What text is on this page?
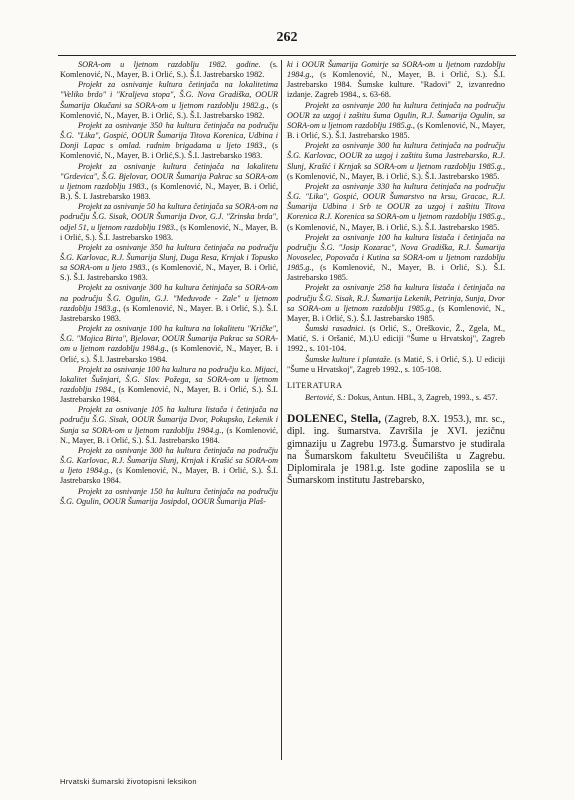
262

SORA-om u ljetnom razdoblju 1982. godine. (s. Komlenović, N., Mayer, B. i Orlić, S.). Š.I. Jastrebarsko 1982.

Projekt za osnivanje kultura četinjača na lokalitetima "Veliko brdo" i "Kraljeva stopa", Š.G. Nova Gradiška, OOUR Šumarija Okučani sa SORA-om u ljetnom razdoblju 1982.g., (s Komlenović, N., Mayer, B. i Orlić, S.). Š.I. Jastrebarsko 1982.

Projekt za osnivanje 350 ha kultura četinjača na području Š.G. "Lika", Gospić, OOUR Šumarija Titova Korenica, Udbina i Donji Lapac s omlad. radnim brigadama u ljeto 1983., (s Komlenović, N., Mayer, B. i Orlić,S.). Š.I. Jastrebarsko 1983.

Projekt za osnivanje kultura četinjača na lokalitetu "Grdevica", Š.G. Bjelovar, OOUR Šumarija Pakrac sa SORA-om u ljetnom razdoblju 1983., (s Komlenović, N., Mayer, B. i Orlić, B.). Š. I. Jastrebarsko 1983.

Projekt za osnivanje 50 ha kultura četinjača sa SORA-om na području Š.G. Sisak, OOUR Šumarija Dvor, G.J. "Zrinska brda", odjel 51, u ljetnom razdoblju 1983., (s Komlenović, N., Mayer, B. i Orlić, S.). Š.I. Jastrebarsko 1983.

Projekt za osnivanje 350 ha kultura četinjača na području Š.G. Karlovac, R.J. Šumarija Slunj, Duga Resa, Krnjak i Topusko sa SORA-om u ljeto 1983., (s Komlenović, N., Mayer, B. i Orlić, S.). Š.I. Jastrebarsko 1983.

Projekt za osnivanje 300 ha kultura četinjača sa SORA-om na području Š.G. Ogulin, G.J. "Međuvođe - Zale" u ljetnom razdoblju 1983.g., (s Komlenović, N., Mayer. B. i Orlić, S.). Š.I. Jastrebarsko 1983.

Projekt za osnivanje 100 ha kultura na lokalitetu "Kričke", Š.G. "Mojica Birta", Bjelovar, OOUR Šumarija Pakrac sa SORA-om u ljetnom razdoblju 1984.g., (s Komlenović, N., Mayer, B. i Orlić, s.). Š.I. Jastrebarsko 1984.

Projekt za osnivanje 100 ha kultura na području k.o. Mijaci, lokalitet Šušnjari, Š.G. Slav. Požega, sa SORA-om u ljetnom razdoblju 1984., (s Komlenović, N., Mayer, B. i Orlić, S.). Š.I. Jastrebarsko 1984.

Projekt za osnivanje 105 ha kultura listača i četinjača na području Š.G. Sisak, OOUR Šumarija Dvor, Pokupsko, Lekenik i Sunja sa SORA-om u ljetnom razdoblju 1984.g., (s Komlenović, N., Mayer, B. i Orlić, S.). Š.I. Jastrebarsko 1984.

Projekt za osnivanje 300 ha kultura četinjača na području Š.G. Karlovac, R.J. Šumarija Slunj, Krnjak i Krašić sa SORA-om u ljeto 1984.g., (s Komlenović, N., Mayer, B. i Orlić, S.). Š.I. Jastrebarsko 1984.

Projekt za osnivanje 150 ha kultura četinjača na području Š.G. Ogulin, OOUR Šumarija Josipdol, OOUR Šumarija Plaš-

ki i OOUR Šumarija Gomirje sa SORA-om u ljetnom razdoblju 1984.g., (s Komlenović, N., Mayer, B. i Orlić, S.). Š.I. Jastrebarsko 1984. Šumske kulture. "Radovi" 2, izvanredno izdanje. Zagreb 1984., s. 63-68.

Projekt za osnivanje 200 ha kultura četinjača na području OOUR za uzgoj i zaštitu šuma Ogulin, R.J. Šumarija Ogulin, sa SORA-om u ljetnom razdoblju 1985.g., (s Komlenović, N., Mayer, B. i Orlić, S.). Š.I. Jastrebarsko 1985.

Projekt za osnivanje 300 ha kultura četinjača na području Š.G. Karlovac, OOUR za uzgoj i zaštitu šuma Jastrebarsko, R.J. Slunj, Krašić i Krnjak sa SORA-om u ljetnom razdoblju 1985.g., (s Komlenović, N., Mayer, B. i Orlić, S.). Š.I. Jastrebarsko 1985.

Projekt za osnivanje 330 ha kultura četinjača na području Š.G. "Lika", Gospić, OOUR Šumarstvo na krsu, Gracac, R.J. Šumarija Udbina i Srb te OOUR za uzgoj i zaštitu Titova Korenica R.J. Korenica sa SORA-om u ljetnom razdoblju 1985.g., (s Komlenović, N., Mayer, B. i Orlić, S.). Š.I. Jastrebarsko 1985.

Projekt za osnivanje 100 ha kultura listača i četinjača na području Š.G. "Josip Kozarac", Nova Gradiška, R.J. Šumarija Novoselec, Popovača i Kutina sa SORA-om u ljetnom razdoblju 1985.g., (s Komlenović, N., Mayer, B. i Orlić, S.). Š.I. Jastrebarsko 1985.

Projekt za osnivanje 258 ha kultura listača i četinjača na području Š.G. Sisak, R.J. Šumarija Lekenik, Petrinja, Sunja, Dvor sa SORA-om u ljetnom razdoblju 1985.g., (s Komlenović, N., Mayer, B. i Orlić, S.). Š.I. Jastrebarsko 1985.

Šumski rasadnici. (s Orlić, S., Oreškovic, Ž., Zgela, M., Matić, S. i Oršanić, M.).U ediciji "Šume u Hrvatskoj", Zagreb 1992., s. 101-104.

Šumske kulture i plantaže. (s Matić, S. i Orlić, S.). U ediciji "Šume u Hrvatskoj", Zagreb 1992., s. 105-108.

LITERATURA

Bertović, S.: Dokus, Antun. HBL, 3, Zagreb, 1993., s. 457.

DOLENEC, Stella, (Zagreb, 8.X. 1953.), mr. sc., dipl. ing. šumarstva. Završila je XVI. jezičnu gimnaziju u Zagrebu 1973.g. Šumarstvo je studirala na Šumarskom fakultetu Sveučilišta u Zagrebu. Diplomirala je 1981.g. Iste godine zaposlila se u Šumarskom institutu Jastrebarsko,
Hrvatski šumarski životopisni leksikon
